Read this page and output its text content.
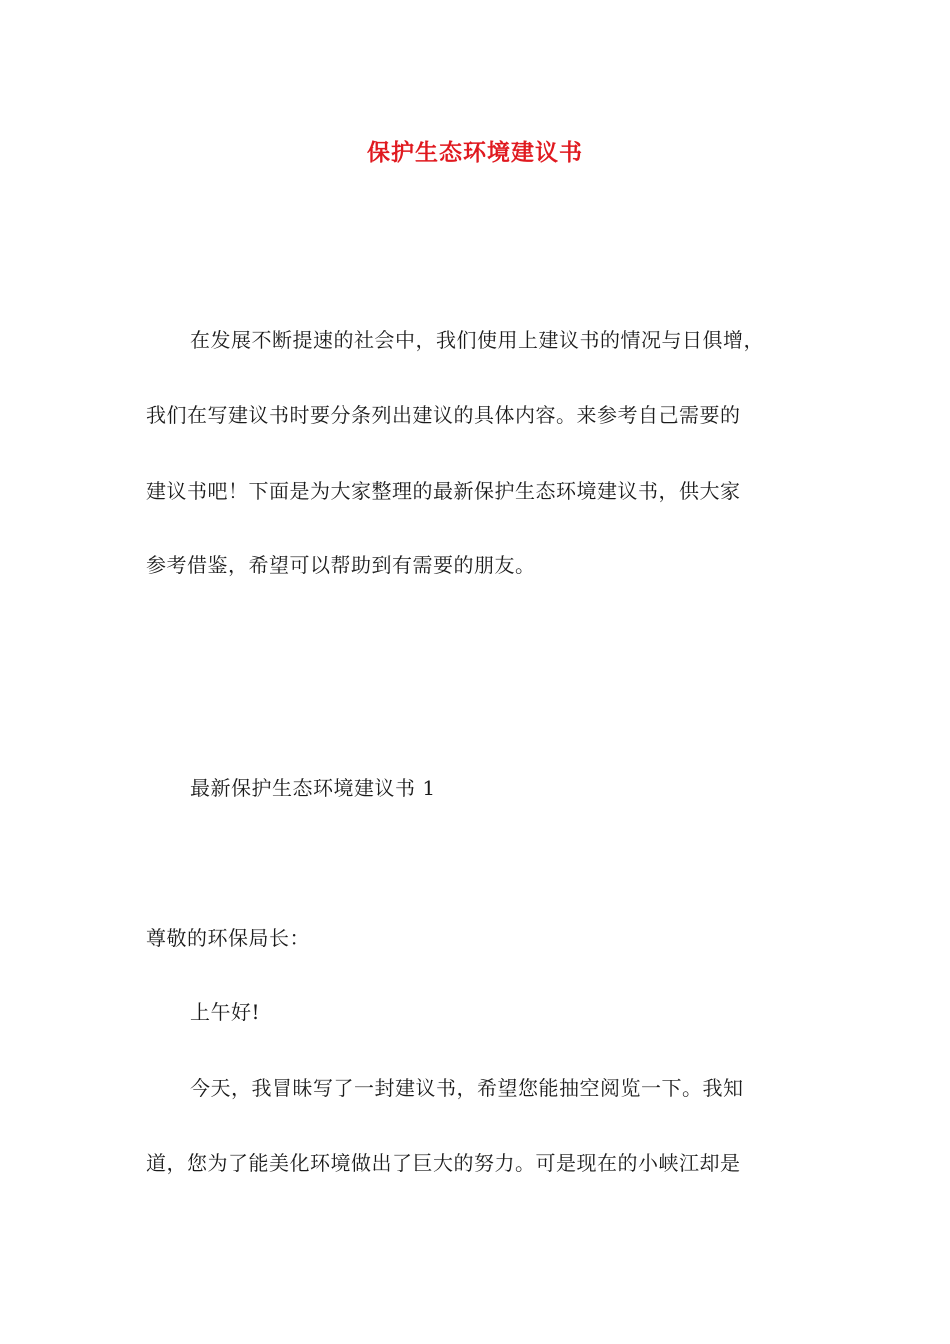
保护生态环境建议书
在发展不断提速的社会中，我们使用上建议书的情况与日俱增，
我们在写建议书时要分条列出建议的具体内容。来参考自己需要的
建议书吧！下面是为大家整理的最新保护生态环境建议书，供大家
参考借鉴，希望可以帮助到有需要的朋友。
最新保护生态环境建议书 1
尊敬的环保局长：
上午好!
今天，我冒昧写了一封建议书，希望您能抽空阅览一下。我知
道，您为了能美化环境做出了巨大的努力。可是现在的小峡江却是
